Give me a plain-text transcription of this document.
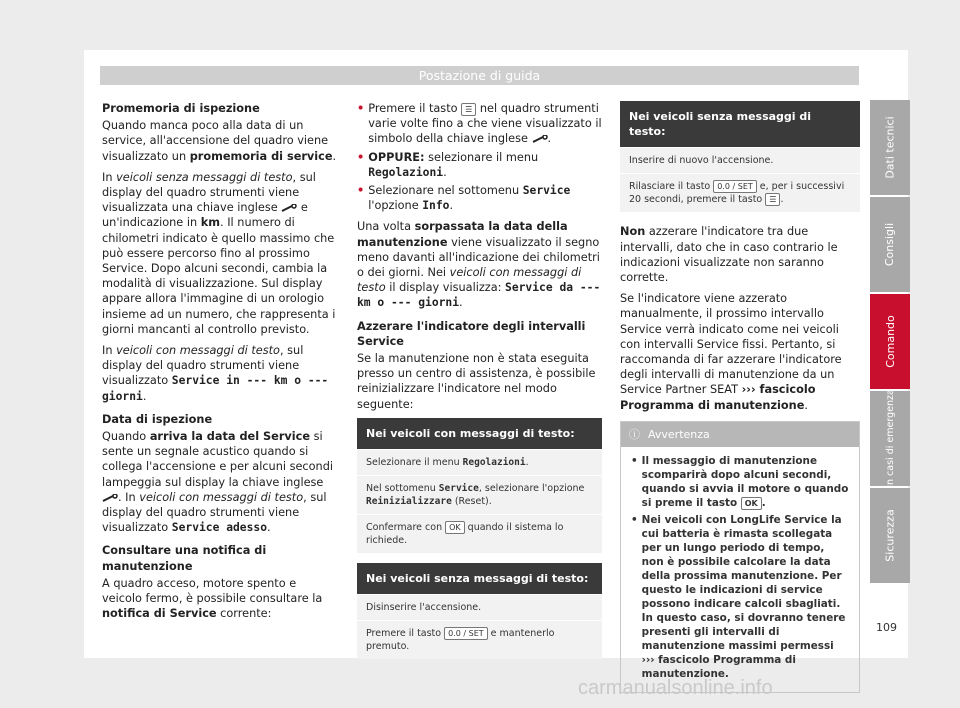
Postazione di guida

Promemoria di ispezione

Quando manca poco alla data di un service, all'accensione del quadro viene visualizzato un promemoria di service.

In veicoli senza messaggi di testo, sul display del quadro strumenti viene visualizzata una chiave inglese  e un'indicazione in km. Il numero di chilometri indicato è quello massimo che può essere percorso fino al prossimo Service. Dopo alcuni secondi, cambia la modalità di visualizzazione. Sul display appare allora l'immagine di un orologio insieme ad un numero, che rappresenta i giorni mancanti al controllo previsto.

In veicoli con messaggi di testo, sul display del quadro strumenti viene visualizzato Service in --- km o --- giorni.

Data di ispezione

Quando arriva la data del Service si sente un segnale acustico quando si collega l'accensione e per alcuni secondi lampeggia sul display la chiave inglese . In veicoli con messaggi di testo, sul display del quadro strumenti viene visualizzato Service adesso.

Consultare una notifica di manutenzione

A quadro acceso, motore spento e veicolo fermo, è possibile consultare la notifica di Service corrente:

• Premere il tasto ☰ nel quadro strumenti varie volte fino a che viene visualizzato il simbolo della chiave inglese .
• OPPURE: selezionare il menu Regolazioni.
• Selezionare nel sottomenu Service l'opzione Info.

Una volta sorpassata la data della manutenzione viene visualizzato il segno meno davanti all'indicazione dei chilometri o dei giorni. Nei veicoli con messaggi di testo il display visualizza: Service da --- km o --- giorni.

Azzerare l'indicatore degli intervalli Service

Se la manutenzione non è stata eseguita presso un centro di assistenza, è possibile reinizializzare l'indicatore nel modo seguente:

Nei veicoli con messaggi di testo:
Selezionare il menu Regolazioni.
Nel sottomenu Service, selezionare l'opzione Reinizializzare (Reset).
Confermare con OK quando il sistema lo richiede.
Nei veicoli senza messaggi di testo:
Disinserire l'accensione.
Premere il tasto 0.0 / SET e mantenerlo premuto.
Nei veicoli senza messaggi di testo:
Inserire di nuovo l'accensione.
Rilasciare il tasto 0.0 / SET e, per i successivi 20 secondi, premere il tasto ☰ .

Non azzerare l'indicatore tra due intervalli, dato che in caso contrario le indicazioni visualizzate non saranno corrette.

Se l'indicatore viene azzerato manualmente, il prossimo intervallo Service verrà indicato come nei veicoli con intervalli Service fissi. Pertanto, si raccomanda di far azzerare l'indicatore degli intervalli di manutenzione da un Service Partner SEAT ››› fascicolo Programma di manutenzione.

ⓘ Avvertenza
• Il messaggio di manutenzione scomparirà dopo alcuni secondi, quando si avvia il motore o quando si preme il tasto OK .
• Nei veicoli con LongLife Service la cui batteria è rimasta scollegata per un lungo periodo di tempo, non è possibile calcolare la data della prossima manutenzione. Per questo le indicazioni di service possono indicare calcoli sbagliati. In questo caso, si dovranno tenere presenti gli intervalli di manutenzione massimi permessi ››› fascicolo Programma di manutenzione.
Dati tecnici
Consigli
Comando
In casi di emergenza
Sicurezza
109
carmanualsonline.info
